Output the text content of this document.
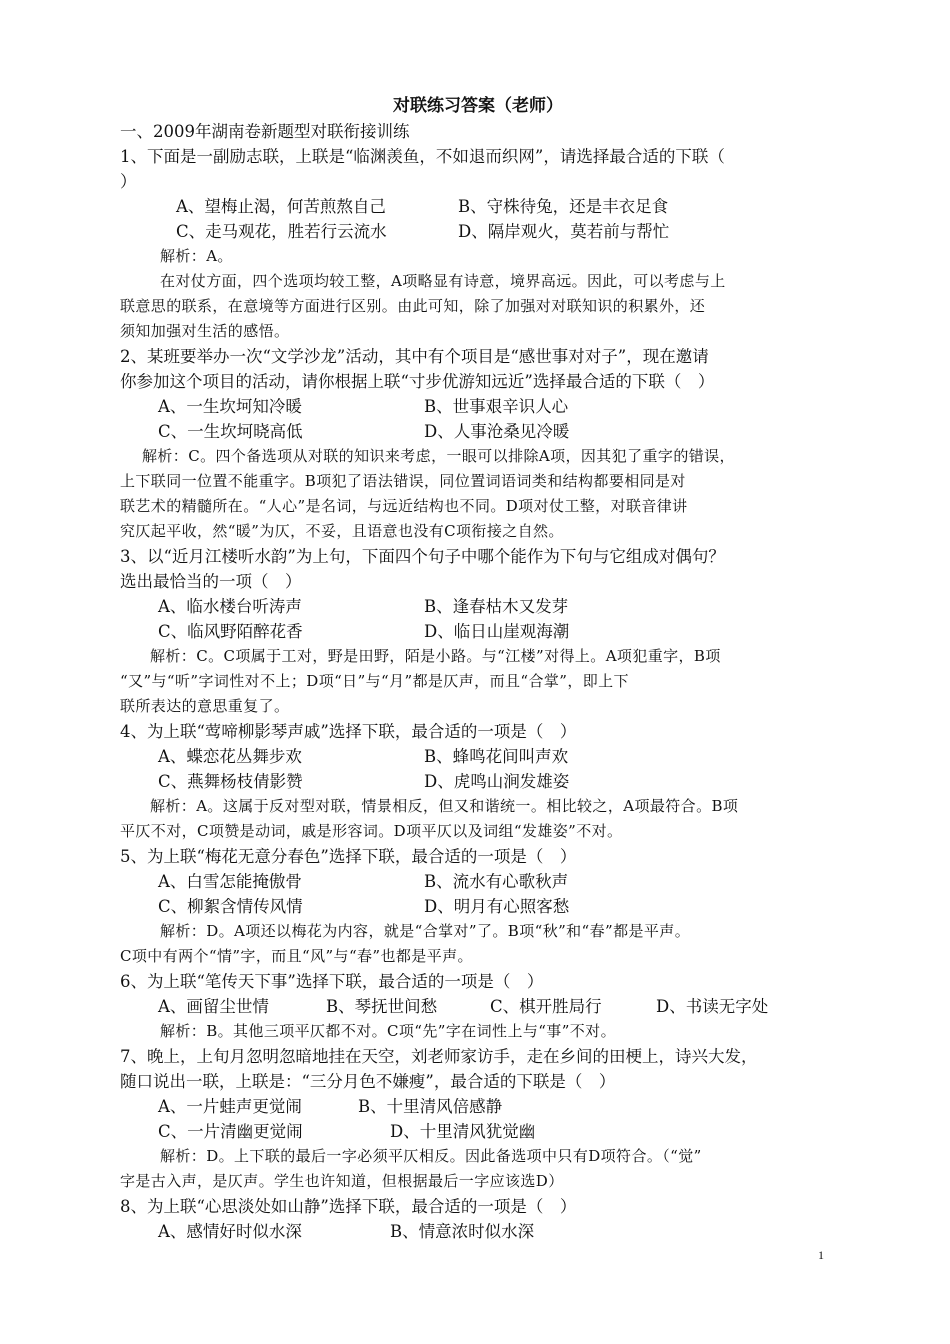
对联练习答案（老师）

一、2009年湖南卷新题型对联衔接训练

1、下面是一副励志联，上联是“临渊羡鱼，不如退而织网”，请选择最合适的下联（

）

A、望梅止渴，何苦煎熬自己	B、守株待兔，还是丰衣足食
C、走马观花，胜若行云流水	D、隔岸观火，莫若前与帮忙

解析：A。

在对仗方面，四个选项均较工整，A项略显有诗意，境界高远。因此，可以考虑与上

联意思的联系，在意境等方面进行区别。由此可知，除了加强对对联知识的积累外，还

须知加强对生活的感悟。

2、某班要举办一次“文学沙龙”活动，其中有个项目是“感世事对对子”，现在邀请

你参加这个项目的活动，请你根据上联“寸步优游知远近”选择最合适的下联（　）

A、一生坎坷知冷暖	B、世事艰辛识人心
C、一生坎坷晓高低	D、人事沧桑见冷暖

解析：C。四个备选项从对联的知识来考虑，一眼可以排除A项，因其犯了重字的错误，

上下联同一位置不能重字。B项犯了语法错误，同位置词语词类和结构都要相同是对

联艺术的精髓所在。“人心”是名词，与远近结构也不同。D项对仗工整，对联音律讲

究仄起平收，然“暖”为仄，不妥，且语意也没有C项衔接之自然。

3、以“近月江楼听水韵”为上句，下面四个句子中哪个能作为下句与它组成对偶句？

选出最恰当的一项（　）

A、临水楼台听涛声	B、逢春枯木又发芽
C、临风野陌醉花香	D、临日山崖观海潮

解析：C。C项属于工对，野是田野，陌是小路。与“江楼”对得上。A项犯重字，B项

“又”与“听”字词性对不上；D项“日”与“月”都是仄声，而且“合掌”，即上下

联所表达的意思重复了。

4、为上联“莺啼柳影琴声戚”选择下联，最合适的一项是（　）

A、蝶恋花丛舞步欢	B、蜂鸣花间叫声欢
C、燕舞杨枝倩影赞	D、虎鸣山涧发雄姿

解析：A。这属于反对型对联，情景相反，但又和谐统一。相比较之，A项最符合。B项

平仄不对，C项赞是动词，戚是形容词。D项平仄以及词组“发雄姿”不对。

5、为上联“梅花无意分春色”选择下联，最合适的一项是（　）

A、白雪怎能掩傲骨	B、流水有心歌秋声
C、柳絮含情传风情	D、明月有心照客愁

解析：D。A项还以梅花为内容，就是“合掌对”了。B项“秋”和“春”都是平声。

C项中有两个“情”字，而且“风”与“春”也都是平声。

6、为上联“笔传天下事”选择下联，最合适的一项是（　）

A、画留尘世情	B、琴抚世间愁	C、棋开胜局行	D、书读无字处

解析：B。其他三项平仄都不对。C项“先”字在词性上与“事”不对。

7、晚上，上旬月忽明忽暗地挂在天空，刘老师家访手，走在乡间的田梗上，诗兴大发，

随口说出一联，上联是：“三分月色不嫌瘦”，最合适的下联是（　）

A、一片蛙声更觉闹	B、十里清风倍感静
C、一片清幽更觉闹	D、十里清风犹觉幽

解析：D。上下联的最后一字必须平仄相反。因此备选项中只有D项符合。（“觉”

字是古入声，是仄声。学生也许知道，但根据最后一字应该选D）

8、为上联“心思淡处如山静”选择下联，最合适的一项是（　）

A、感情好时似水深	B、情意浓时似水深
1
